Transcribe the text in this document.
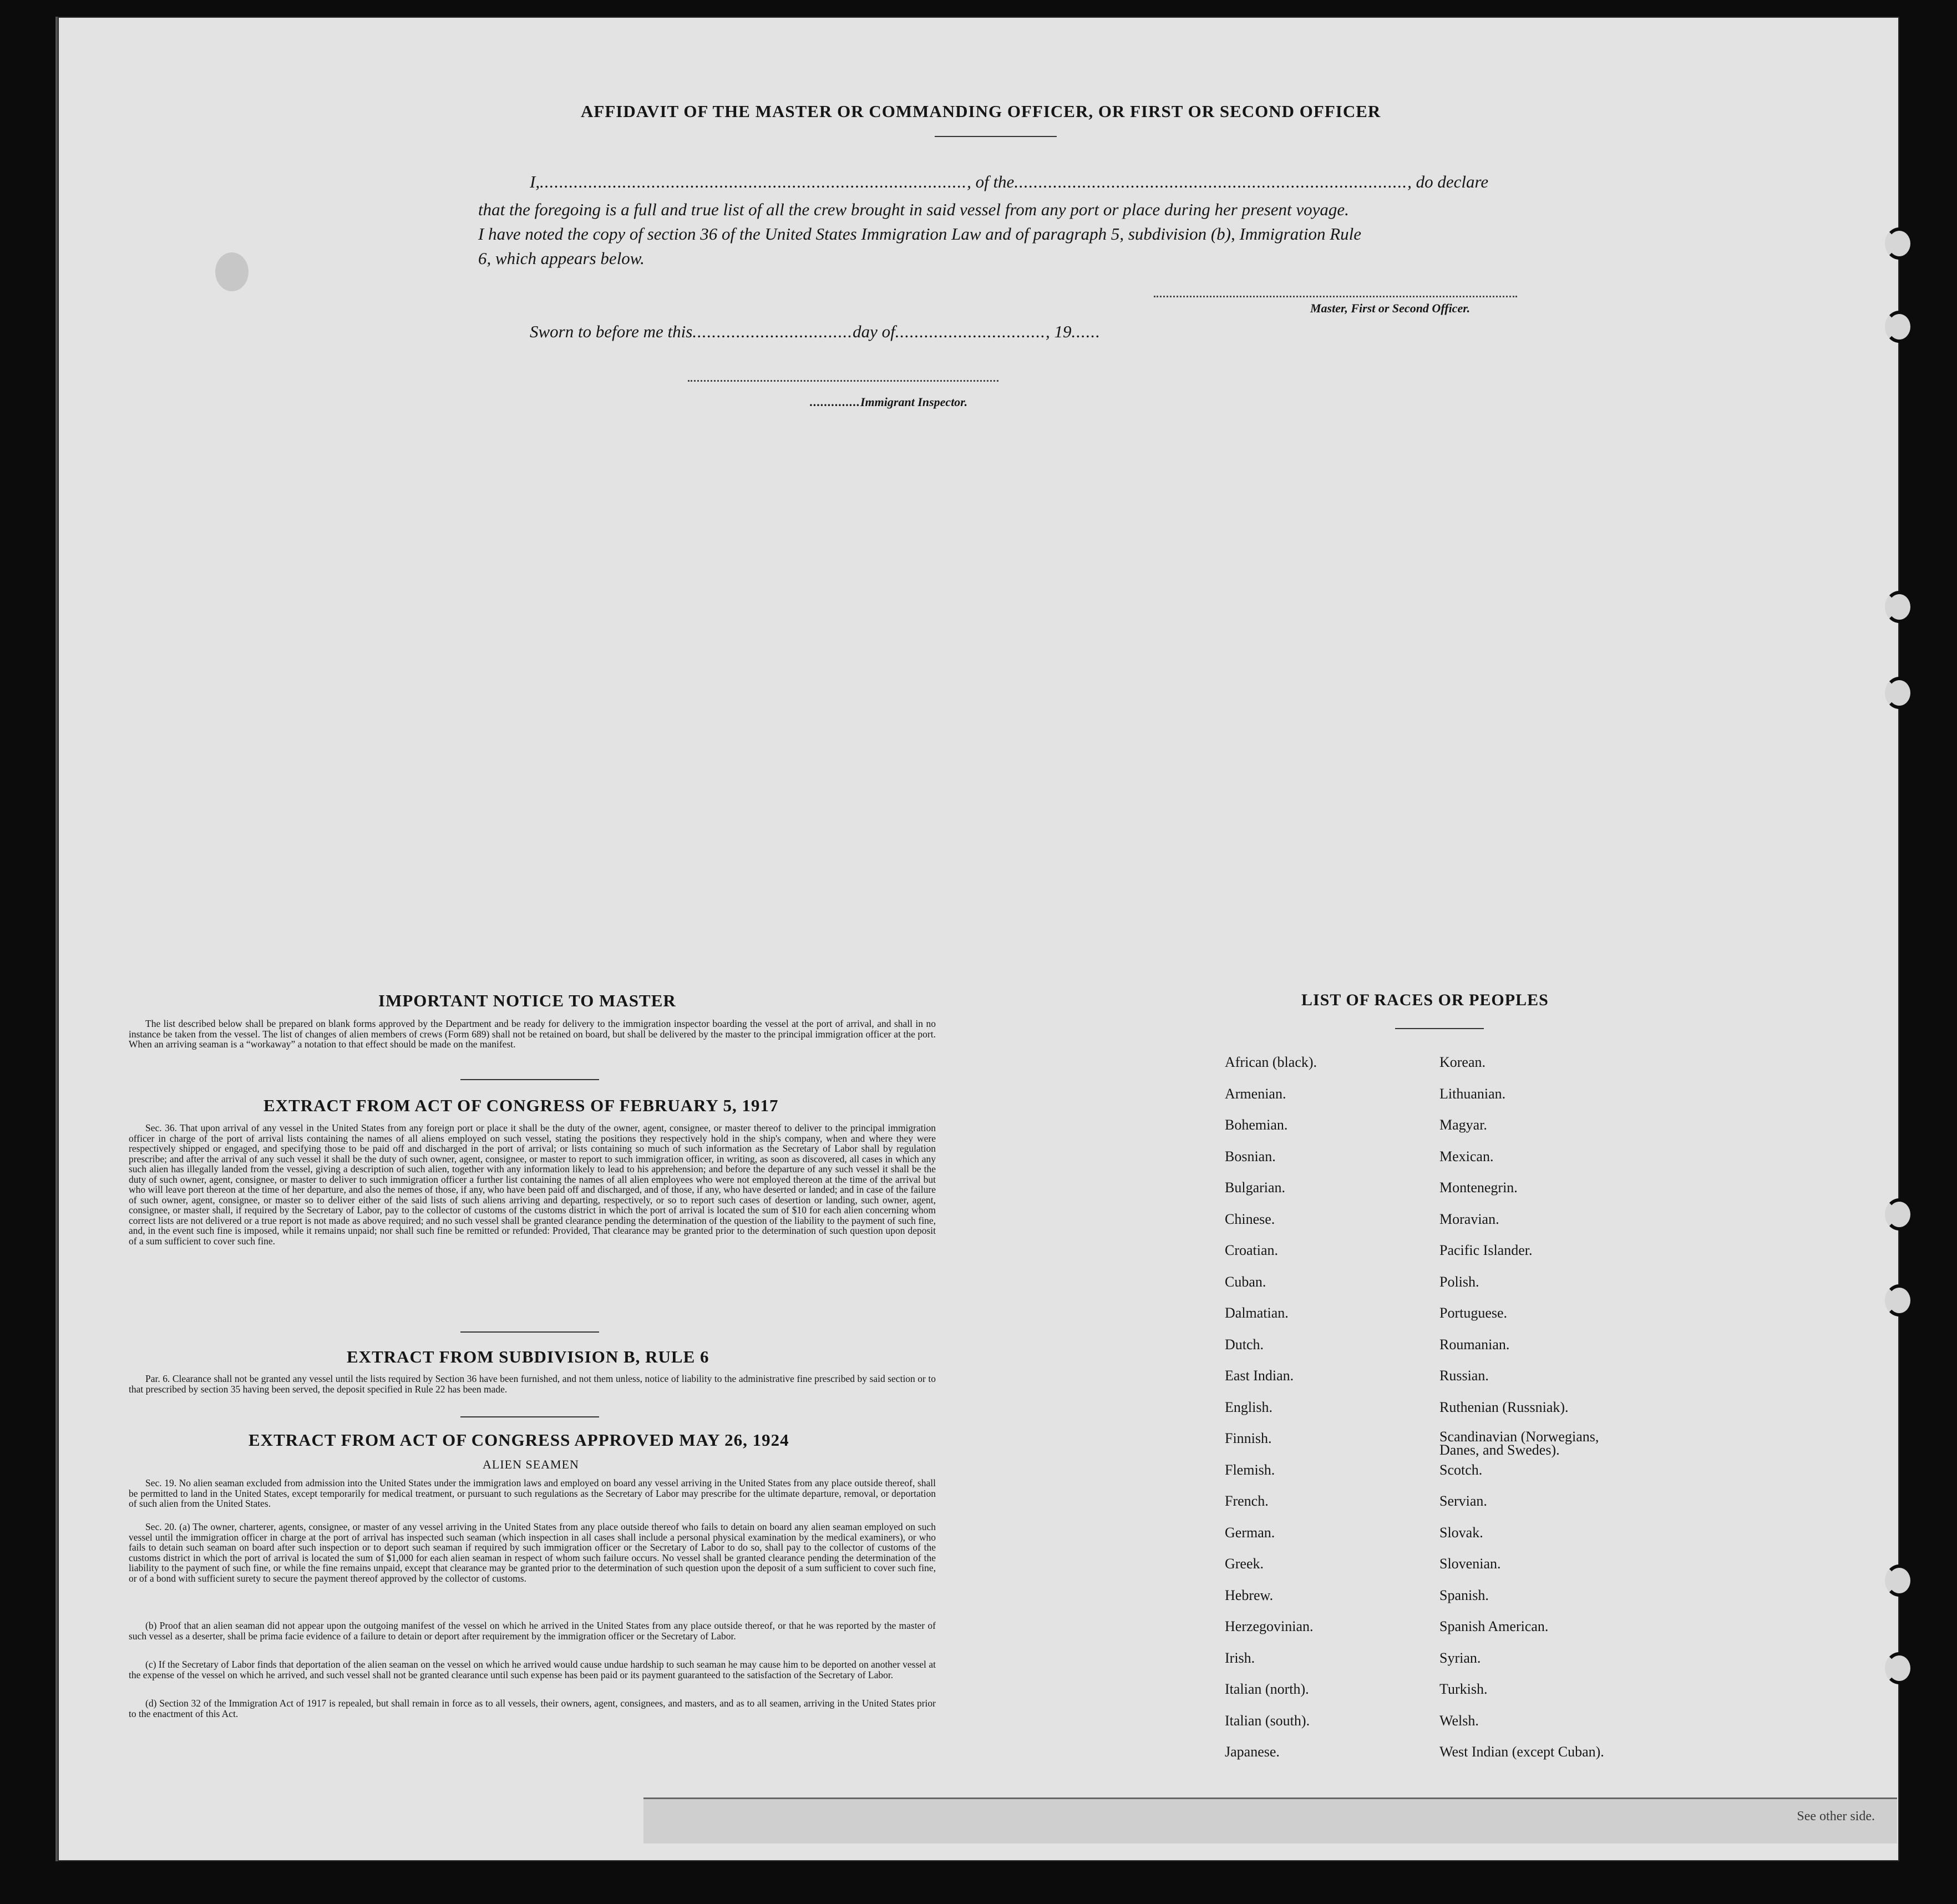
See other side.
AFFIDAVIT OF THE MASTER OR COMMANDING OFFICER, OR FIRST OR SECOND OFFICER
I,........................................................................................, of the................................................................................., do declare
that the foregoing is a full and true list of all the crew brought in said vessel from any port or place during her present voyage.
I have noted the copy of section 36 of the United States Immigration Law and of paragraph 5, subdivision (b), Immigration Rule
6, which appears below.
Master, First or Second Officer.
Sworn to before me this.................................day of..............................., 19......
..............Immigrant Inspector.
IMPORTANT NOTICE TO MASTER
The list described below shall be prepared on blank forms approved by the Department and be ready for delivery to the immigration inspector boarding the vessel at the port of arrival, and shall in no instance be taken from the vessel. The list of changes of alien members of crews (Form 689) shall not be retained on board, but shall be delivered by the master to the principal immigration officer at the port. When an arriving seaman is a “workaway” a notation to that effect should be made on the manifest.
EXTRACT FROM ACT OF CONGRESS OF FEBRUARY 5, 1917
Sec. 36. That upon arrival of any vessel in the United States from any foreign port or place it shall be the duty of the owner, agent, consignee, or master thereof to deliver to the principal immigration officer in charge of the port of arrival lists containing the names of all aliens employed on such vessel, stating the positions they respectively hold in the ship's company, when and where they were respectively shipped or engaged, and specifying those to be paid off and discharged in the port of arrival; or lists containing so much of such information as the Secretary of Labor shall by regulation prescribe; and after the arrival of any such vessel it shall be the duty of such owner, agent, consignee, or master to report to such immigration officer, in writing, as soon as discovered, all cases in which any such alien has illegally landed from the vessel, giving a description of such alien, together with any information likely to lead to his apprehension; and before the departure of any such vessel it shall be the duty of such owner, agent, consignee, or master to deliver to such immigration officer a further list containing the names of all alien employees who were not employed thereon at the time of the arrival but who will leave port thereon at the time of her departure, and also the nemes of those, if any, who have been paid off and discharged, and of those, if any, who have deserted or landed; and in case of the failure of such owner, agent, consignee, or master so to deliver either of the said lists of such aliens arriving and departing, respectively, or so to report such cases of desertion or landing, such owner, agent, consignee, or master shall, if required by the Secretary of Labor, pay to the collector of customs of the customs district in which the port of arrival is located the sum of $10 for each alien concerning whom correct lists are not delivered or a true report is not made as above required; and no such vessel shall be granted clearance pending the determination of the question of the liability to the payment of such fine, and, in the event such fine is imposed, while it remains unpaid; nor shall such fine be remitted or refunded: Provided, That clearance may be granted prior to the determination of such question upon deposit of a sum sufficient to cover such fine.
EXTRACT FROM SUBDIVISION B, RULE 6
Par. 6. Clearance shall not be granted any vessel until the lists required by Section 36 have been furnished, and not them unless, notice of liability to the administrative fine prescribed by said section or to that prescribed by section 35 having been served, the deposit specified in Rule 22 has been made.
EXTRACT FROM ACT OF CONGRESS APPROVED MAY 26, 1924
ALIEN SEAMEN
Sec. 19. No alien seaman excluded from admission into the United States under the immigration laws and employed on board any vessel arriving in the United States from any place outside thereof, shall be permitted to land in the United States, except temporarily for medical treatment, or pursuant to such regulations as the Secretary of Labor may prescribe for the ultimate departure, removal, or deportation of such alien from the United States.
Sec. 20. (a) The owner, charterer, agents, consignee, or master of any vessel arriving in the United States from any place outside thereof who fails to detain on board any alien seaman employed on such vessel until the immigration officer in charge at the port of arrival has inspected such seaman (which inspection in all cases shall include a personal physical examination by the medical examiners), or who fails to detain such seaman on board after such inspection or to deport such seaman if required by such immigration officer or the Secretary of Labor to do so, shall pay to the collector of customs of the customs district in which the port of arrival is located the sum of $1,000 for each alien seaman in respect of whom such failure occurs. No vessel shall be granted clearance pending the determination of the liability to the payment of such fine, or while the fine remains unpaid, except that clearance may be granted prior to the determination of such question upon the deposit of a sum sufficient to cover such fine, or of a bond with sufficient surety to secure the payment thereof approved by the collector of customs.
(b) Proof that an alien seaman did not appear upon the outgoing manifest of the vessel on which he arrived in the United States from any place outside thereof, or that he was reported by the master of such vessel as a deserter, shall be prima facie evidence of a failure to detain or deport after requirement by the immigration officer or the Secretary of Labor.
(c) If the Secretary of Labor finds that deportation of the alien seaman on the vessel on which he arrived would cause undue hardship to such seaman he may cause him to be deported on another vessel at the expense of the vessel on which he arrived, and such vessel shall not be granted clearance until such expense has been paid or its payment guaranteed to the satisfaction of the Secretary of Labor.
(d) Section 32 of the Immigration Act of 1917 is repealed, but shall remain in force as to all vessels, their owners, agent, consignees, and masters, and as to all seamen, arriving in the United States prior to the enactment of this Act.
LIST OF RACES OR PEOPLES
African (black).
Armenian.
Bohemian.
Bosnian.
Bulgarian.
Chinese.
Croatian.
Cuban.
Dalmatian.
Dutch.
East Indian.
English.
Finnish.
Flemish.
French.
German.
Greek.
Hebrew.
Herzegovinian.
Irish.
Italian (north).
Italian (south).
Japanese.
Korean.
Lithuanian.
Magyar.
Mexican.
Montenegrin.
Moravian.
Pacific Islander.
Polish.
Portuguese.
Roumanian.
Russian.
Ruthenian (Russniak).
Scandinavian (Norwegians, Danes, and Swedes).
Scotch.
Servian.
Slovak.
Slovenian.
Spanish.
Spanish American.
Syrian.
Turkish.
Welsh.
West Indian (except Cuban).
